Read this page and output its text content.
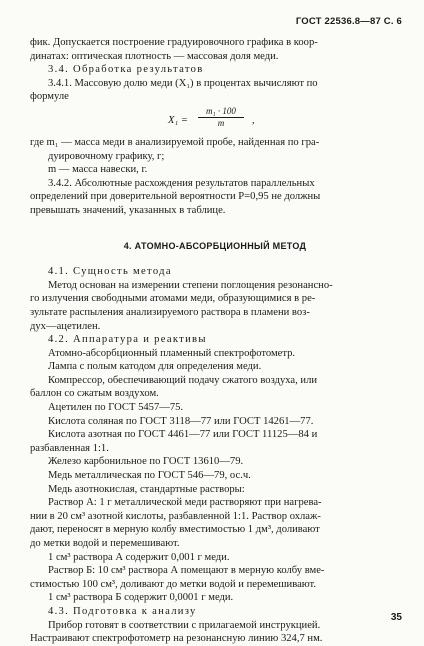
ГОСТ 22536.8—87 С. 6

фик. Допускается построение градуировочного графика в коор-

динатах: оптическая плотность — массовая доля меди.

3.4. Обработка результатов

3.4.1. Массовую долю меди (X₁) в процентах вычисляют по

формуле

$X_1 = \frac{\text{m₁ · 100}}{m}$ ,

где m₁ — масса меди в анализируемой пробе, найденная по гра-

дуировочному графику, г;

m — масса навески, г.

3.4.2. Абсолютные расхождения результатов параллельных

определений при доверительной вероятности P=0,95 не должны

превышать значений, указанных в таблице.

4. АТОМНО-АБСОРБЦИОННЫЙ МЕТОД

4.1. Сущность метода

Метод основан на измерении степени поглощения резонансно-

го излучения свободными атомами меди, образующимися в ре-

зультате распыления анализируемого раствора в пламени воз-

дух—ацетилен.

4.2. Аппаратура и реактивы

Атомно-абсорбционный пламенный спектрофотометр.

Лампа с полым катодом для определения меди.

Компрессор, обеспечивающий подачу сжатого воздуха, или

баллон со сжатым воздухом.

Ацетилен по ГОСТ 5457—75.

Кислота соляная по ГОСТ 3118—77 или ГОСТ 14261—77.

Кислота азотная по ГОСТ 4461—77 или ГОСТ 11125—84 и

разбавленная 1:1.

Железо карбонильное по ГОСТ 13610—79.

Медь металлическая по ГОСТ 546—79, ос.ч.

Медь азотнокислая, стандартные растворы:

Раствор А: 1 г металлической меди растворяют при нагрева-

нии в 20 см³ азотной кислоты, разбавленной 1:1. Раствор охлаж-

дают, переносят в мерную колбу вместимостью 1 дм³, доливают

до метки водой и перемешивают.

1 см³ раствора А содержит 0,001 г меди.

Раствор Б: 10 см³ раствора А помещают в мерную колбу вме-

стимостью 100 см³, доливают до метки водой и перемешивают.

1 см³ раствора Б содержит 0,0001 г меди.

4.3. Подготовка к анализу

Прибор готовят в соответствии с прилагаемой инструкцией.

Настраивают спектрофотометр на резонансную линию 324,7 нм.

35
